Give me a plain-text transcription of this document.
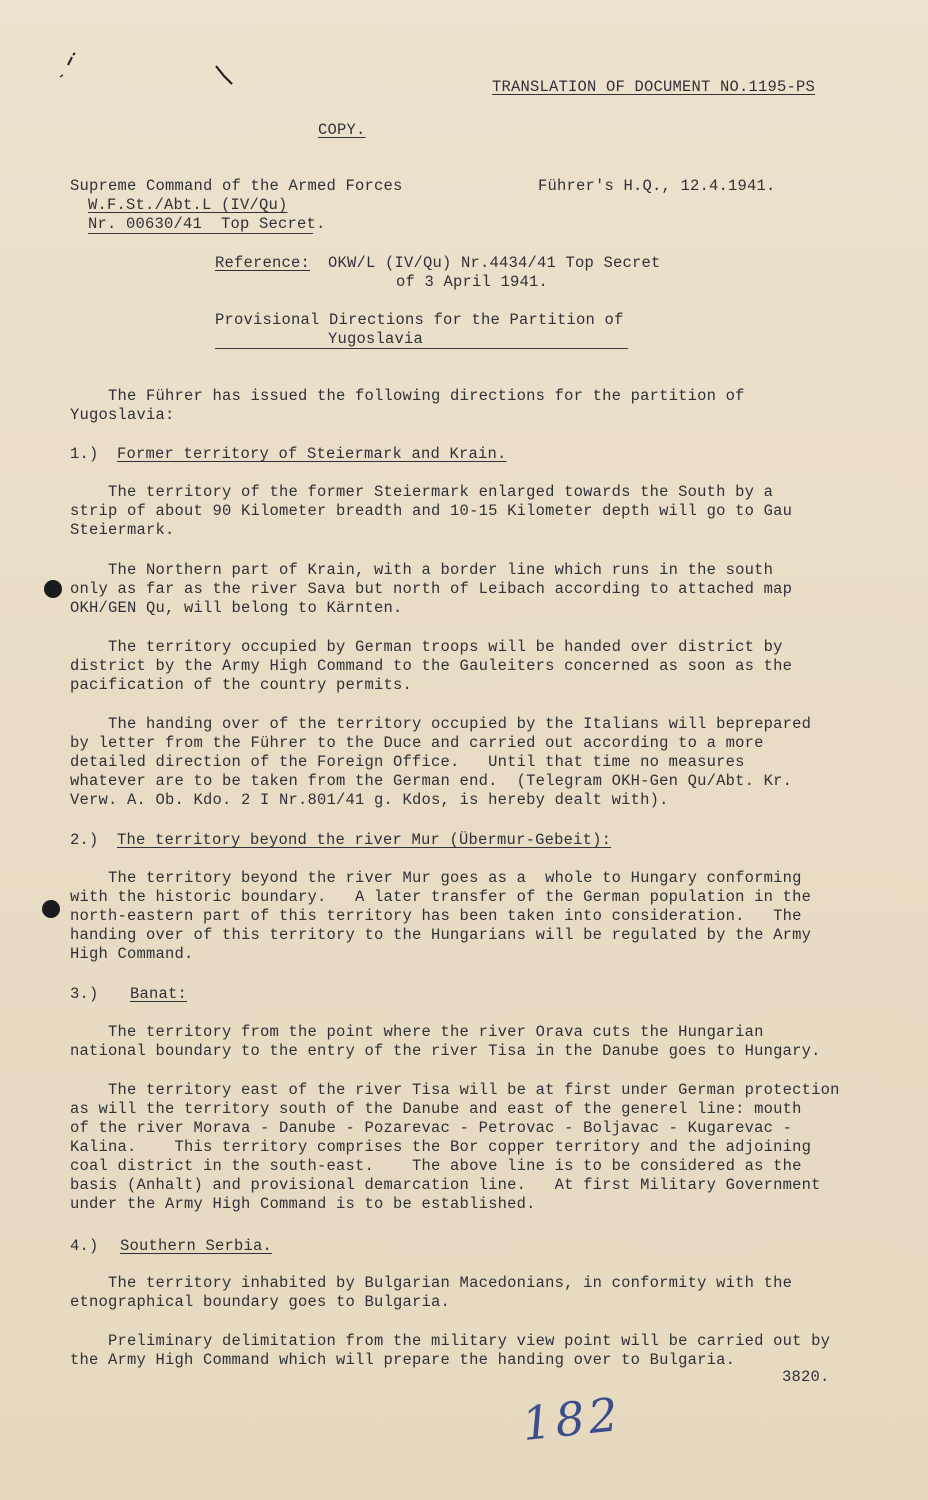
TRANSLATION OF DOCUMENT NO.1195-PS
COPY.
Supreme Command of the Armed Forces
W.F.St./Abt.L (IV/Qu)
Nr. 00630/41  Top Secret.
Führer's H.Q., 12.4.1941.
Reference: OKW/L (IV/Qu) Nr.4434/41 Top Secret
of 3 April 1941.
Provisional Directions for the Partition of
Yugoslavia
The Führer has issued the following directions for the partition of
Yugoslavia:
1.) Former territory of Steiermark and Krain.
The territory of the former Steiermark enlarged towards the South by a
strip of about 90 Kilometer breadth and 10-15 Kilometer depth will go to Gau
Steiermark.
The Northern part of Krain, with a border line which runs in the south
only as far as the river Sava but north of Leibach according to attached map
OKH/GEN Qu, will belong to Kärnten.
The territory occupied by German troops will be handed over district by
district by the Army High Command to the Gauleiters concerned as soon as the
pacification of the country permits.
The handing over of the territory occupied by the Italians will beprepared
by letter from the Führer to the Duce and carried out according to a more
detailed direction of the Foreign Office.   Until that time no measures
whatever are to be taken from the German end.  (Telegram OKH-Gen Qu/Abt. Kr.
Verw. A. Ob. Kdo. 2 I Nr.801/41 g. Kdos, is hereby dealt with).
2.) The territory beyond the river Mur (Übermur-Gebeit):
The territory beyond the river Mur goes as a  whole to Hungary conforming
with the historic boundary.   A later transfer of the German population in the
north-eastern part of this territory has been taken into consideration.   The
handing over of this territory to the Hungarians will be regulated by the Army
High Command.
3.) Banat:
The territory from the point where the river Orava cuts the Hungarian
national boundary to the entry of the river Tisa in the Danube goes to Hungary.
The territory east of the river Tisa will be at first under German protection
as will the territory south of the Danube and east of the generel line: mouth
of the river Morava - Danube - Pozarevac - Petrovac - Boljavac - Kugarevac -
Kalina.    This territory comprises the Bor copper territory and the adjoining
coal district in the south-east.    The above line is to be considered as the
basis (Anhalt) and provisional demarcation line.   At first Military Government
under the Army High Command is to be established.
4.) Southern Serbia.
The territory inhabited by Bulgarian Macedonians, in conformity with the
etnographical boundary goes to Bulgaria.
Preliminary delimitation from the military view point will be carried out by
the Army High Command which will prepare the handing over to Bulgaria.
3820.
182
